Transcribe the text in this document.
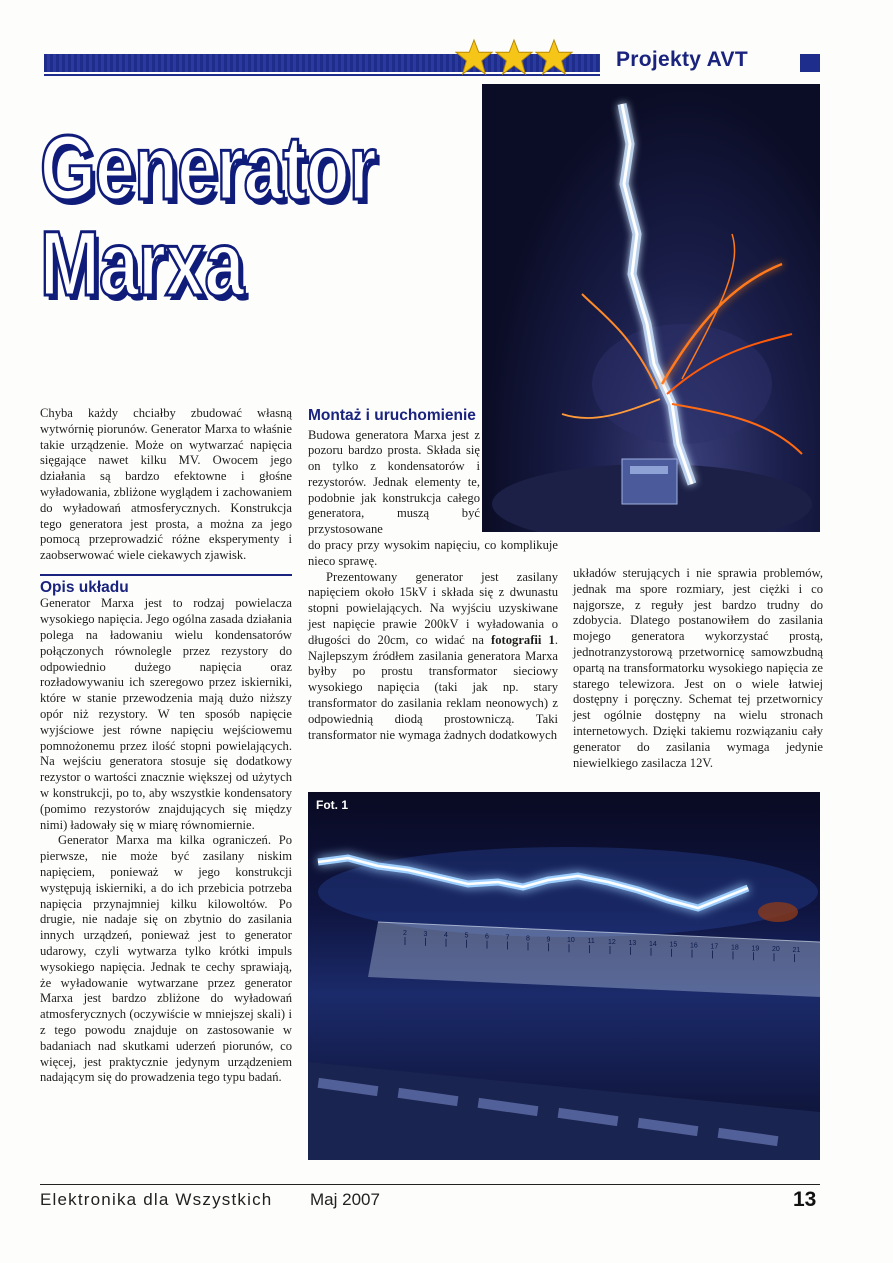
Projekty AVT
Generator
Marxa

Chyba każdy chciałby zbudować własną wytwórnię piorunów. Generator Marxa to właśnie takie urządzenie. Może on wytwarzać napięcia sięgające nawet kilku MV. Owocem jego działania są bardzo efektowne i głośne wyładowania, zbliżone wyglądem i zachowaniem do wyładowań atmosferycznych. Konstrukcja tego generatora jest prosta, a można za jego pomocą przeprowadzić różne eksperymenty i zaobserwować wiele ciekawych zjawisk.

Opis układu

Generator Marxa jest to rodzaj powielacza wysokiego napięcia. Jego ogólna zasada działania polega na ładowaniu wielu kondensatorów połączonych równolegle przez rezystory do odpowiednio dużego napięcia oraz rozładowywaniu ich szeregowo przez iskierniki, które w stanie przewodzenia mają dużo niższy opór niż rezystory. W ten sposób napięcie wyjściowe jest równe napięciu wejściowemu pomnożonemu przez ilość stopni powielających. Na wejściu generatora stosuje się dodatkowy rezystor o wartości znacznie większej od użytych w konstrukcji, po to, aby wszystkie kondensatory (pomimo rezystorów znajdujących się między nimi) ładowały się w miarę równomiernie.

Generator Marxa ma kilka ograniczeń. Po pierwsze, nie może być zasilany niskim napięciem, ponieważ w jego konstrukcji występują iskierniki, a do ich przebicia potrzeba napięcia przynajmniej kilku kilowoltów. Po drugie, nie nadaje się on zbytnio do zasilania innych urządzeń, ponieważ jest to generator udarowy, czyli wytwarza tylko krótki impuls wysokiego napięcia. Jednak te cechy sprawiają, że wyładowanie wytwarzane przez generator Marxa jest bardzo zbliżone do wyładowań atmosferycznych (oczywiście w mniejszej skali) i z tego powodu znajduje on zastosowanie w badaniach nad skutkami uderzeń piorunów, co więcej, jest praktycznie jedynym urządzeniem nadającym się do prowadzenia tego typu badań.

Montaż i uruchomienie

Budowa generatora Marxa jest z pozoru bardzo prosta. Składa się on tylko z kondensatorów i rezystorów. Jednak elementy te, podobnie jak konstrukcja całego generatora, muszą być przystosowane

do pracy przy wysokim napięciu, co komplikuje nieco sprawę.

Prezentowany generator jest zasilany napięciem około 15kV i składa się z dwunastu stopni powielających. Na wyjściu uzyskiwane jest napięcie prawie 200kV i wyładowania o długości do 20cm, co widać na fotografii 1. Najlepszym źródłem zasilania generatora Marxa byłby po prostu transformator sieciowy wysokiego napięcia (taki jak np. stary transformator do zasilania reklam neonowych) z odpowiednią diodą prostowniczą. Taki transformator nie wymaga żadnych dodatkowych

układów sterujących i nie sprawia problemów, jednak ma spore rozmiary, jest ciężki i co najgorsze, z reguły jest bardzo trudny do zdobycia. Dlatego postanowiłem do zasilania mojego generatora wykorzystać prostą, jednotranzystorową przetwornicę samowzbudną opartą na transformatorku wysokiego napięcia ze starego telewizora. Jest on o wiele łatwiej dostępny i poręczny. Schemat tej przetwornicy jest ogólnie dostępny na wielu stronach internetowych. Dzięki takiemu rozwiązaniu cały generator do zasilania wymaga jedynie niewielkiego zasilacza 12V.

2 3 4 5 6 7 8 9 10 11 12 13 14 15 16 17 18 19 20 21
Fot. 1
Elektronika dla Wszystkich Maj 2007	13
